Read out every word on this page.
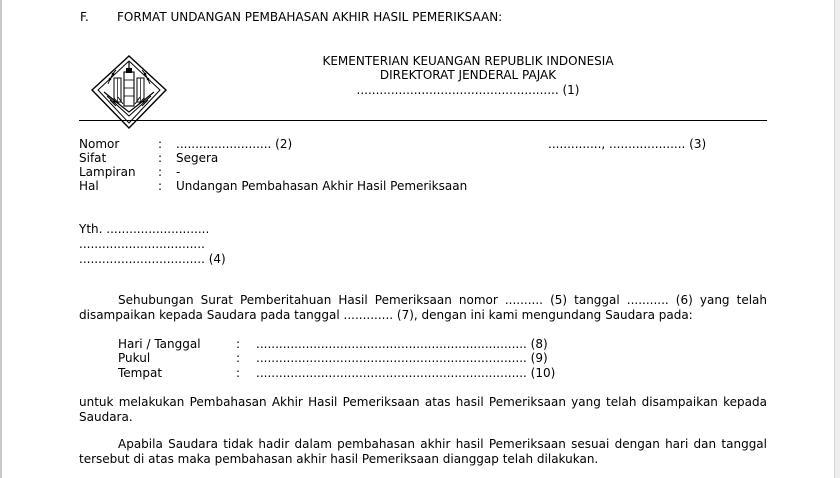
F. FORMAT UNDANGAN PEMBAHASAN AKHIR HASIL PEMERIKSAAN:

KEMENTERIAN KEUANGAN REPUBLIK INDONESIA
DIREKTORAT JENDERAL PAJAK
..................................................... (1)
Nomor	: ......................... (2)	.............., .................... (3)
Sifat	: Segera
Lampiran : -
Hal	: Undangan Pembahasan Akhir Hasil Pemeriksaan
Yth. ...........................
.................................
................................. (4)
Sehubungan Surat Pemberitahuan Hasil Pemeriksaan nomor .......... (5) tanggal ........... (6) yang telah disampaikan kepada Saudara pada tanggal ............. (7), dengan ini kami mengundang Saudara pada:
Hari / Tanggal	: ....................................................................... (8)
Pukul	: ....................................................................... (9)
Tempat	: ....................................................................... (10)
untuk melakukan Pembahasan Akhir Hasil Pemeriksaan atas hasil Pemeriksaan yang telah disampaikan kepada Saudara.
Apabila Saudara tidak hadir dalam pembahasan akhir hasil Pemeriksaan sesuai dengan hari dan tanggal tersebut di atas maka pembahasan akhir hasil Pemeriksaan dianggap telah dilakukan.
